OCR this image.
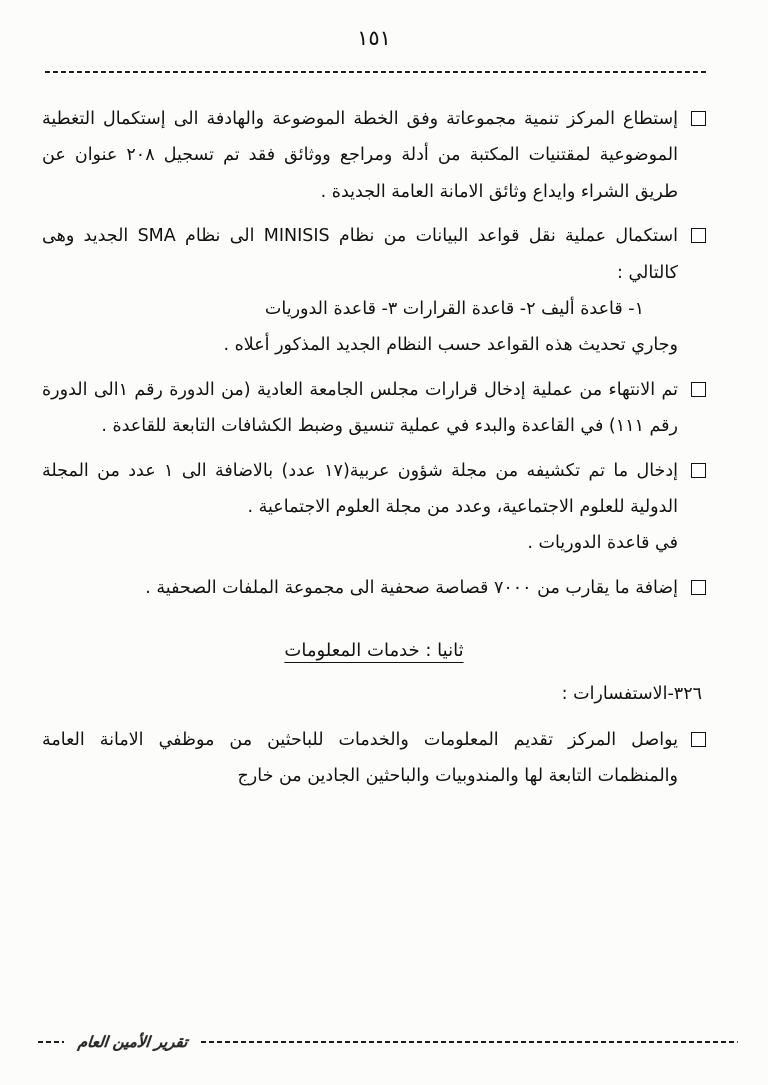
١٥١
إستطاع المركز تنمية مجموعاتة وفق الخطة الموضوعة والهادفة الى إستكمال التغطية الموضوعية لمقتنيات المكتبة من أدلة ومراجع ووثائق فقد تم تسجيل ٢٠٨ عنوان عن طريق الشراء وايداع وثائق الامانة العامة الجديدة .
استكمال عملية نقل قواعد البيانات من نظام MINISIS الى نظام SMA الجديد وهى كالتالي :
١- قاعدة أليف ٢- قاعدة القرارات ٣- قاعدة الدوريات
وجاري تحديث هذه القواعد حسب النظام الجديد المذكور أعلاه .
تم الانتهاء من عملية إدخال قرارات مجلس الجامعة العادية (من الدورة رقم ١الى الدورة رقم ١١١) في القاعدة والبدء في عملية تنسيق وضبط الكشافات التابعة للقاعدة .
إدخال ما تم تكشيفه من مجلة شؤون عربية(١٧ عدد) بالاضافة الى ١ عدد من المجلة الدولية للعلوم الاجتماعية، وعدد من مجلة العلوم الاجتماعية .
في قاعدة الدوريات .
إضافة ما يقارب من ٧٠٠٠ قصاصة صحفية الى مجموعة الملفات الصحفية .
ثانيا : خدمات المعلومات
٣٢٦-الاستفسارات :
يواصل المركز تقديم المعلومات والخدمات للباحثين من موظفي الامانة العامة والمنظمات التابعة لها والمندوبيات والباحثين الجادين من خارج
تقرير الأمين العام
